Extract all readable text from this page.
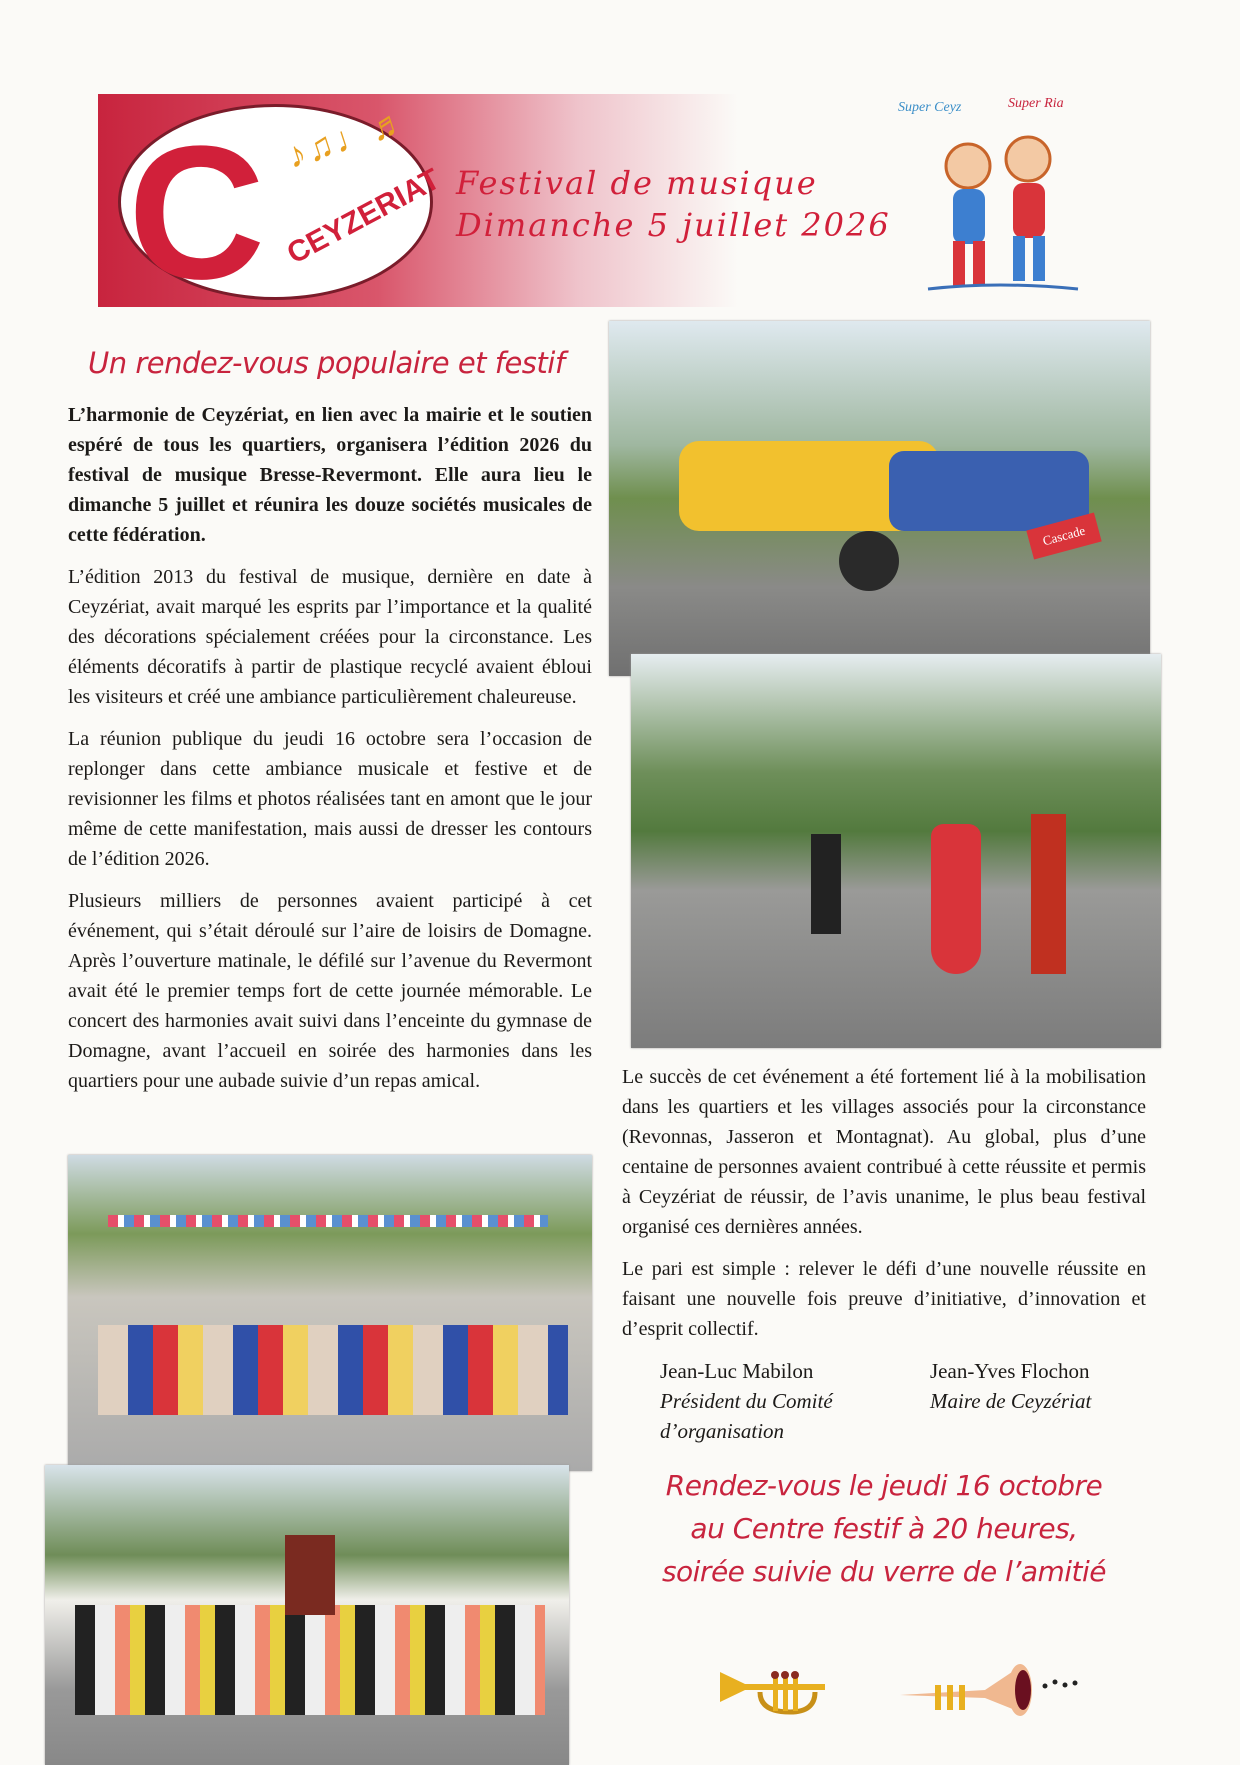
C ♪♫♩♬
CEYZERIAT Festival de musique
Dimanche 5 juillet 2026
Super Ceyz	Super Ria
Un rendez-vous populaire et festif

L’harmonie de Ceyzériat, en lien avec la mairie et le soutien espéré de tous les quartiers, organisera l’édition 2026 du festival de musique Bresse-Revermont. Elle aura lieu le dimanche 5 juillet et réunira les douze sociétés musicales de cette fédération.

L’édition 2013 du festival de musique, dernière en date à Ceyzériat, avait marqué les esprits par l’importance et la qualité des décorations spécialement créées pour la circonstance. Les éléments décoratifs à partir de plastique recyclé avaient ébloui les visiteurs et créé une ambiance particulièrement chaleureuse.

La réunion publique du jeudi 16 octobre sera l’occasion de replonger dans cette ambiance musicale et festive et de revisionner les films et photos réalisées tant en amont que le jour même de cette manifestation, mais aussi de dresser les contours de l’édition 2026.

Plusieurs milliers de personnes avaient participé à cet événement, qui s’était déroulé sur l’aire de loisirs de Domagne. Après l’ouverture matinale, le défilé sur l’avenue du Revermont avait été le premier temps fort de cette journée mémorable. Le concert des harmonies avait suivi dans l’enceinte du gymnase de Domagne, avant l’accueil en soirée des harmonies dans les quartiers pour une aubade suivie d’un repas amical.

Cascade

Le succès de cet événement a été fortement lié à la mobilisation dans les quartiers et les villages associés pour la circonstance (Revonnas, Jasseron et Montagnat). Au global, plus d’une centaine de personnes avaient contribué à cette réussite et permis à Ceyzériat de réussir, de l’avis unanime, le plus beau festival organisé ces dernières années.

Le pari est simple : relever le défi d’une nouvelle réussite en faisant une nouvelle fois preuve d’initiative, d’innovation et d’esprit collectif.

Jean-Luc Mabilon
Président du Comité d’organisation
Jean-Yves Flochon
Maire de Ceyzériat
Rendez-vous le jeudi 16 octobre
au Centre festif à 20 heures,
soirée suivie du verre de l’amitié
